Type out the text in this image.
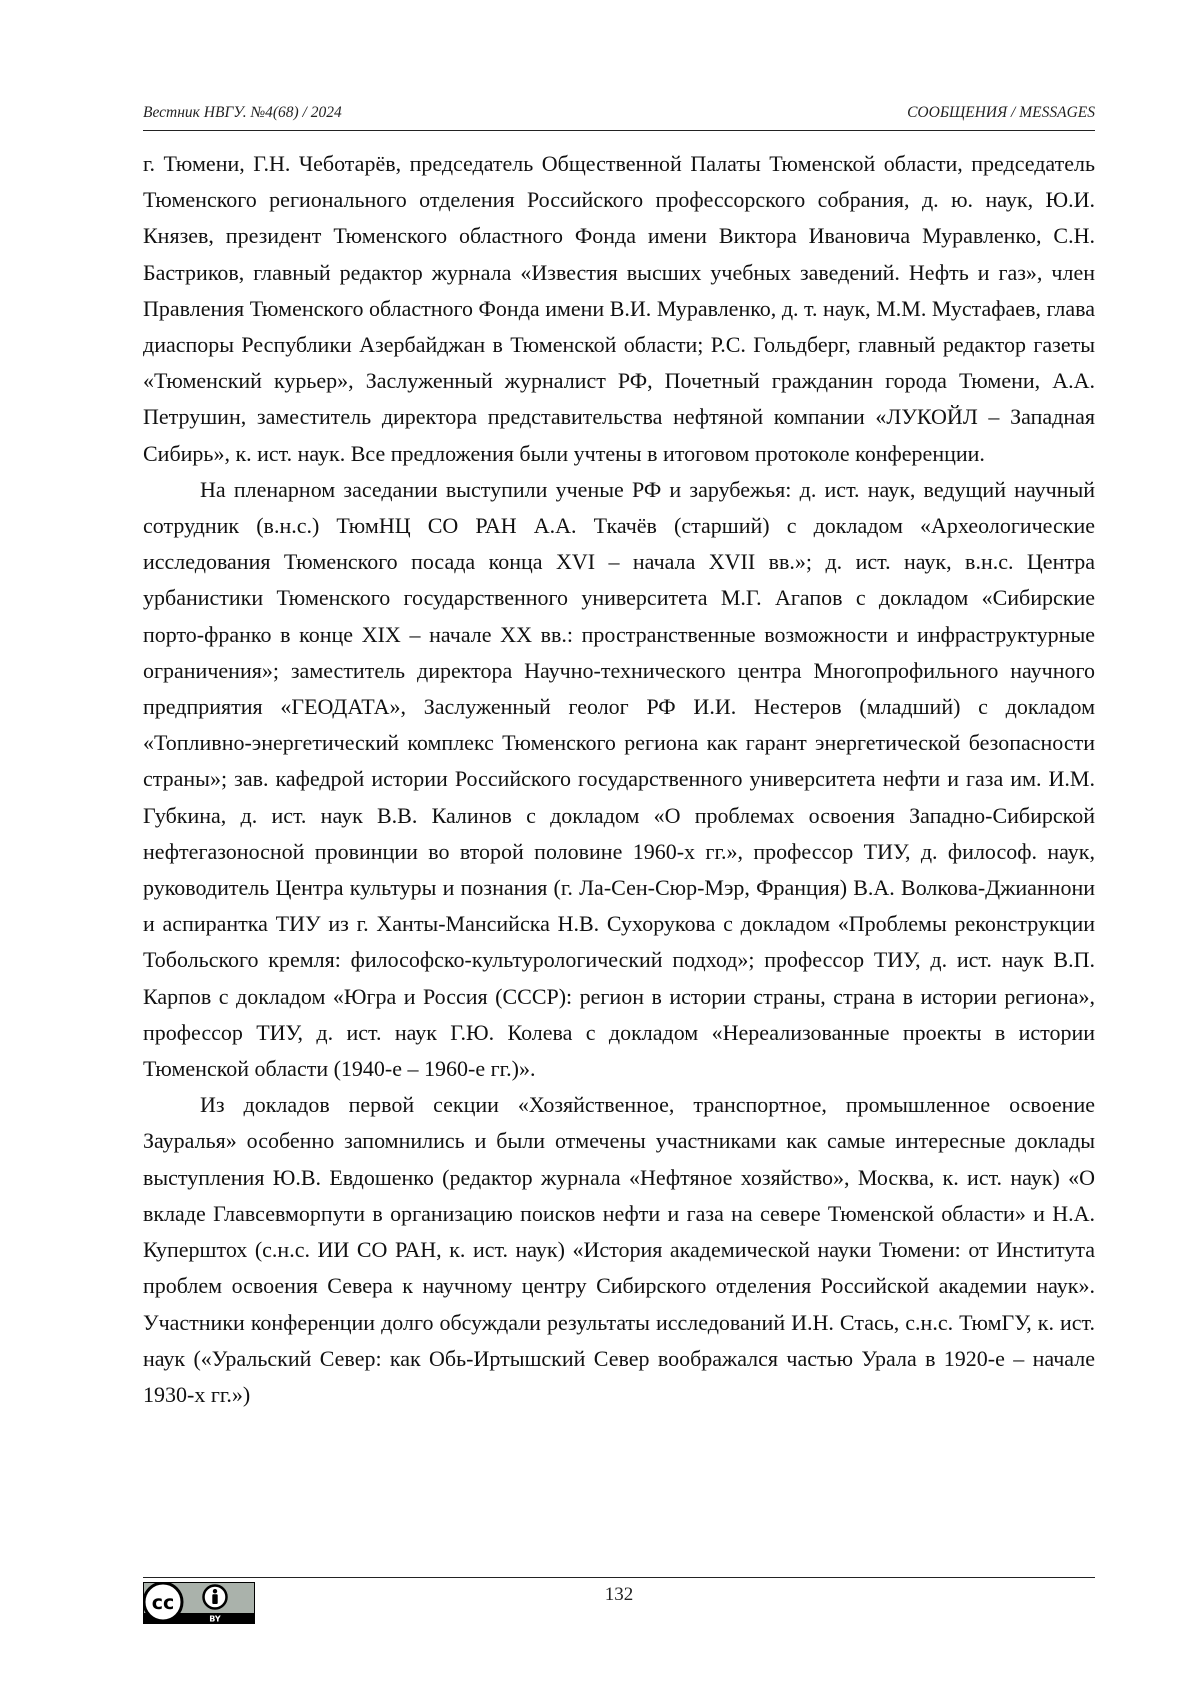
Вестник НВГУ. №4(68) / 2024	СООБЩЕНИЯ / MESSAGES

г. Тюмени, Г.Н. Чеботарёв, председатель Общественной Палаты Тюменской области, председатель Тюменского регионального отделения Российского профессорского собрания, д. ю. наук, Ю.И. Князев, президент Тюменского областного Фонда имени Виктора Ивановича Муравленко, С.Н. Бастриков, главный редактор журнала «Известия высших учебных заведений. Нефть и газ», член Правления Тюменского областного Фонда имени В.И. Муравленко, д. т. наук, М.М. Мустафаев, глава диаспоры Республики Азербайджан в Тюменской области; Р.С. Гольдберг, главный редактор газеты «Тюменский курьер», Заслуженный журналист РФ, Почетный гражданин города Тюмени, А.А. Петрушин, заместитель директора представительства нефтяной компании «ЛУКОЙЛ – Западная Сибирь», к. ист. наук. Все предложения были учтены в итоговом протоколе конференции.

На пленарном заседании выступили ученые РФ и зарубежья: д. ист. наук, ведущий научный сотрудник (в.н.с.) ТюмНЦ СО РАН А.А. Ткачёв (старший) с докладом «Археологические исследования Тюменского посада конца XVI – начала XVII вв.»; д. ист. наук, в.н.с. Центра урбанистики Тюменского государственного университета М.Г. Агапов с докладом «Сибирские порто-франко в конце XIX – начале XX вв.: пространственные возможности и инфраструктурные ограничения»; заместитель директора Научно-технического центра Многопрофильного научного предприятия «ГЕОДАТА», Заслуженный геолог РФ И.И. Нестеров (младший) с докладом «Топливно-энергетический комплекс Тюменского региона как гарант энергетической безопасности страны»; зав. кафедрой истории Российского государственного университета нефти и газа им. И.М. Губкина, д. ист. наук В.В. Калинов с докладом «О проблемах освоения Западно-Сибирской нефтегазоносной провинции во второй половине 1960-х гг.», профессор ТИУ, д. философ. наук, руководитель Центра культуры и познания (г. Ла-Сен-Сюр-Мэр, Франция) В.А. Волкова-Джианнони и аспирантка ТИУ из г. Ханты-Мансийска Н.В. Сухорукова с докладом «Проблемы реконструкции Тобольского кремля: философско-культурологический подход»; профессор ТИУ, д. ист. наук В.П. Карпов с докладом «Югра и Россия (СССР): регион в истории страны, страна в истории региона», профессор ТИУ, д. ист. наук Г.Ю. Колева с докладом «Нереализованные проекты в истории Тюменской области (1940-е – 1960-е гг.)».

Из докладов первой секции «Хозяйственное, транспортное, промышленное освоение Зауралья» особенно запомнились и были отмечены участниками как самые интересные доклады выступления Ю.В. Евдошенко (редактор журнала «Нефтяное хозяйство», Москва, к. ист. наук) «О вкладе Главсевморпути в организацию поисков нефти и газа на севере Тюменской области» и Н.А. Куперштох (с.н.с. ИИ СО РАН, к. ист. наук) «История академической науки Тюмени: от Института проблем освоения Севера к научному центру Сибирского отделения Российской академии наук». Участники конференции долго обсуждали результаты исследований И.Н. Стась, с.н.с. ТюмГУ, к. ист. наук («Уральский Север: как Обь-Иртышский Север воображался частью Урала в 1920-е – начале 1930-х гг.»)

cc
BY
132
